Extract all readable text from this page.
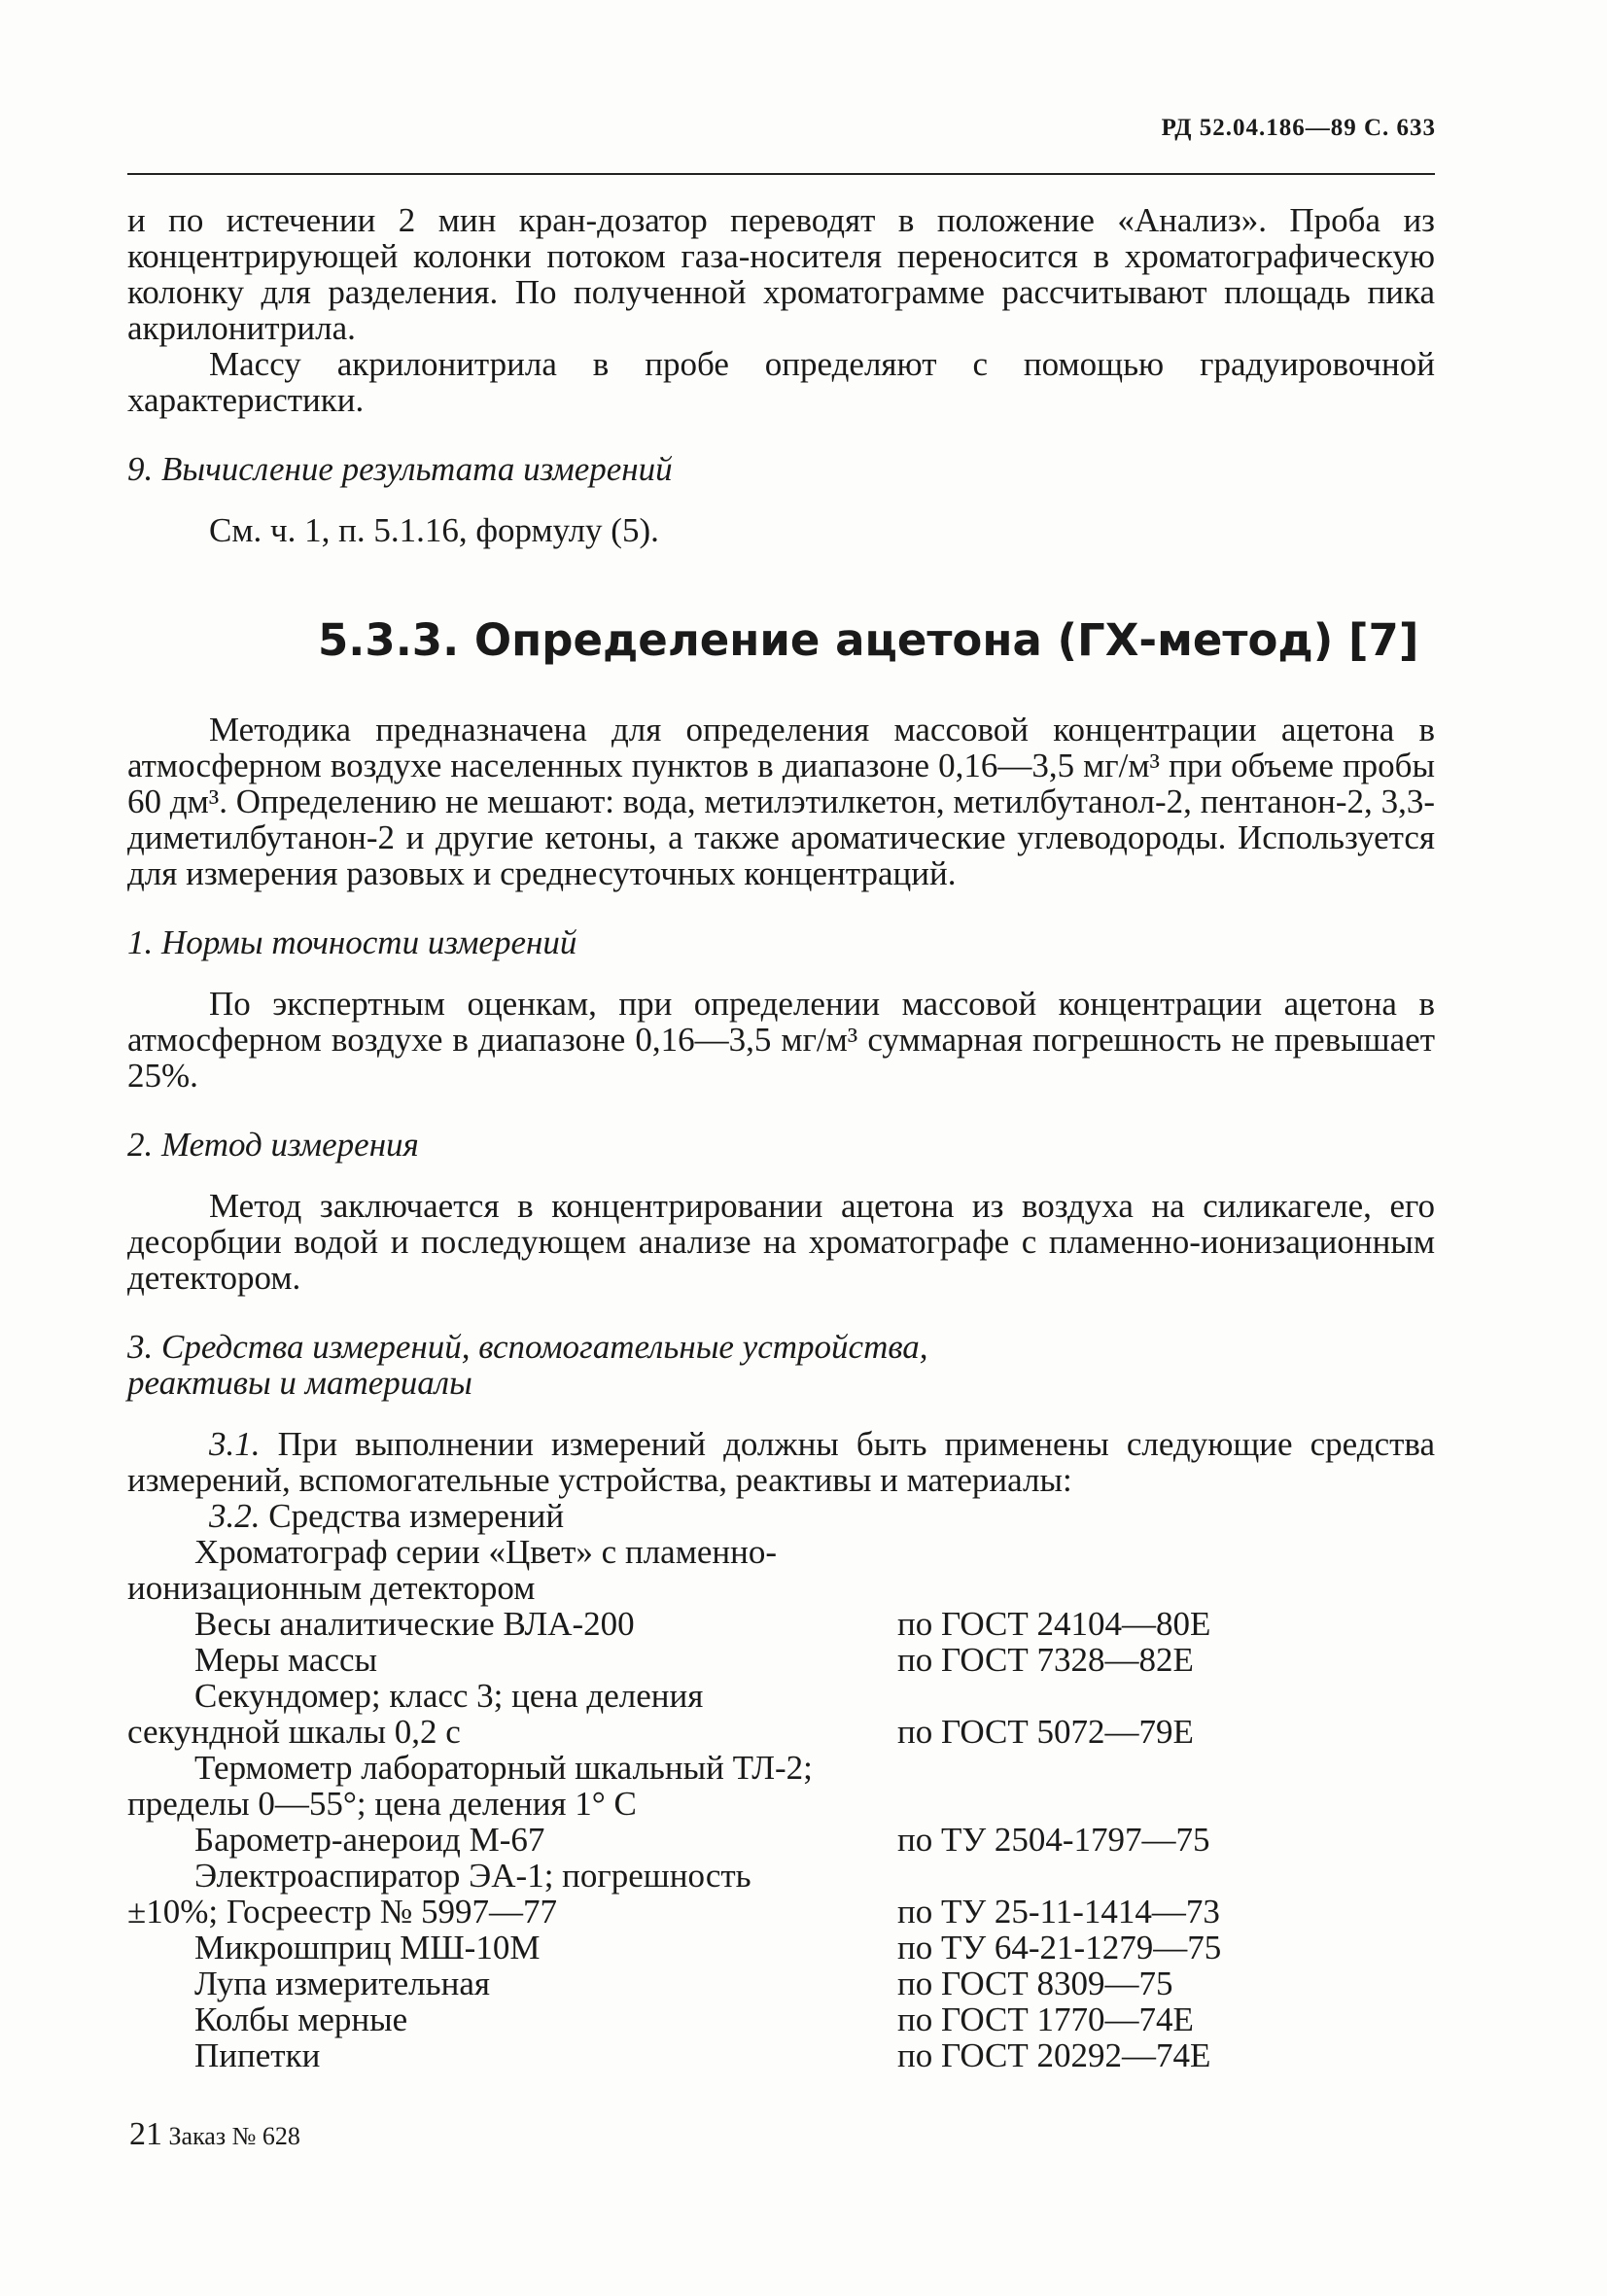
РД 52.04.186—89 С. 633

и по истечении 2 мин кран-дозатор переводят в положение «Анализ». Проба из концентрирующей колонки потоком газа-носителя переносится в хроматографическую колонку для разделения. По полученной хроматограмме рассчитывают площадь пика акрилонитрила.

Массу акрилонитрила в пробе определяют с помощью градуировочной характеристики.

9. Вычисление результата измерений

См. ч. 1, п. 5.1.16, формулу (5).

5.3.3. Определение ацетона (ГХ-метод) [7]

Методика предназначена для определения массовой концентрации ацетона в атмосферном воздухе населенных пунктов в диапазоне 0,16—3,5 мг/м³ при объеме пробы 60 дм³. Определению не мешают: вода, метилэтилкетон, метилбутанол-2, пентанон-2, 3,3-диметилбутанон-2 и другие кетоны, а также ароматические углеводороды. Используется для измерения разовых и среднесуточных концентраций.

1. Нормы точности измерений

По экспертным оценкам, при определении массовой концентрации ацетона в атмосферном воздухе в диапазоне 0,16—3,5 мг/м³ суммарная погрешность не превышает 25%.

2. Метод измерения

Метод заключается в концентрировании ацетона из воздуха на силикагеле, его десорбции водой и последующем анализе на хроматографе с пламенно-ионизационным детектором.

3. Средства измерений, вспомогательные устройства,
реактивы и материалы

3.1. При выполнении измерений должны быть применены следующие средства измерений, вспомогательные устройства, реактивы и материалы:

3.2. Средства измерений

Хроматограф серии «Цвет» с пламенно-
ионизационным детектором
Весы аналитические ВЛА-200	по ГОСТ 24104—80Е
Меры массы	по ГОСТ 7328—82Е
Секундомер; класс 3; цена деления
секундной шкалы 0,2 с	по ГОСТ 5072—79Е
Термометр лабораторный шкальный ТЛ-2;
пределы 0—55°; цена деления 1° С
Барометр-анероид М-67	по ТУ 2504-1797—75
Электроаспиратор ЭА-1; погрешность
±10%; Госреестр № 5997—77	по ТУ 25-11-1414—73
Микрошприц МШ-10М	по ТУ 64-21-1279—75
Лупа измерительная	по ГОСТ 8309—75
Колбы мерные	по ГОСТ 1770—74Е
Пипетки	по ГОСТ 20292—74Е
21 Заказ № 628
